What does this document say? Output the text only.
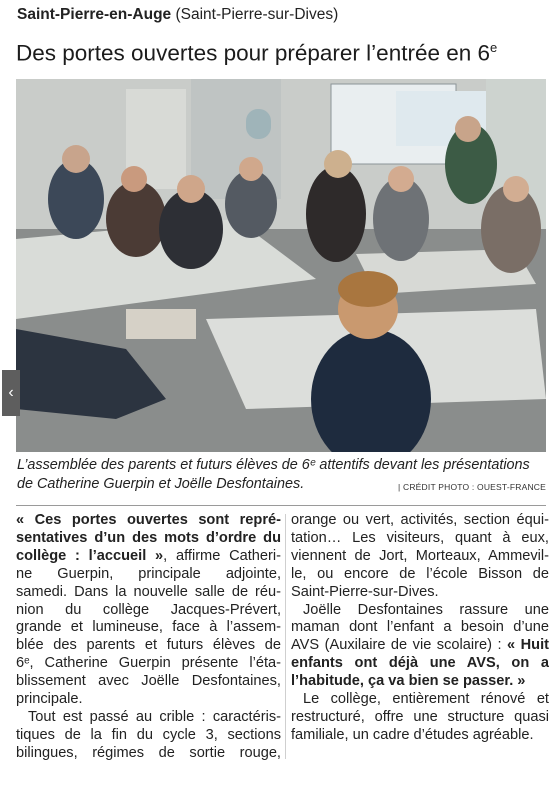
Saint-Pierre-en-Auge (Saint-Pierre-sur-Dives)
Des portes ouvertes pour préparer l’entrée en 6e
‹
L’assemblée des parents et futurs élèves de 6ᵉ attentifs devant les présentations
de Catherine Guerpin et Joëlle Desfontaines.	| CRÉDIT PHOTO : OUEST-FRANCE
« Ces portes ouvertes sont repré-
sentatives d’un des mots d’ordre du
collège : l’accueil », affirme Catheri-
ne Guerpin, principale adjointe,
samedi. Dans la nouvelle salle de réu-
nion du collège Jacques-Prévert,
grande et lumineuse, face à l’assem-
blée des parents et futurs élèves de
6ᵉ, Catherine Guerpin présente l’éta-
blissement avec Joëlle Desfontaines,
principale.
Tout est passé au crible : caractéris-
tiques de la fin du cycle 3, sections
bilingues, régimes de sortie rouge,
orange ou vert, activités, section équi-
tation… Les visiteurs, quant à eux,
viennent de Jort, Morteaux, Ammevil-
le, ou encore de l’école Bisson de
Saint-Pierre-sur-Dives.
Joëlle Desfontaines rassure une
maman dont l’enfant a besoin d’une
AVS (Auxilaire de vie scolaire) : « Huit
enfants ont déjà une AVS, on a
l’habitude, ça va bien se passer. »
Le collège, entièrement rénové et
restructuré, offre une structure quasi
familiale, un cadre d’études agréable.
